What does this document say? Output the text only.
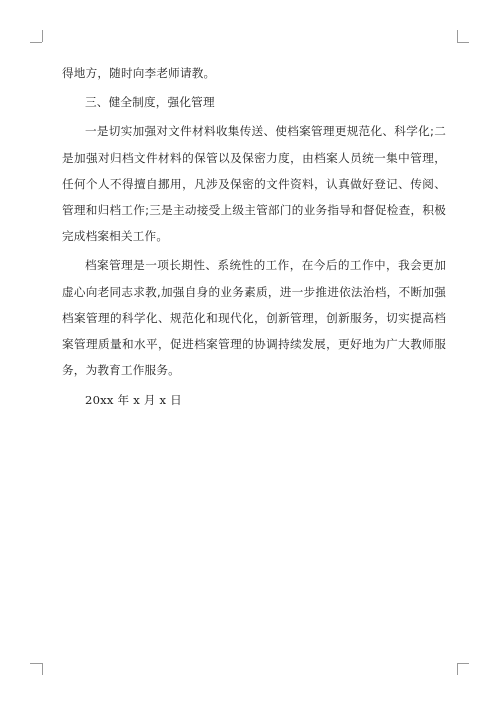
得地方，随时向李老师请教。

三、健全制度，强化管理

一是切实加强对文件材料收集传送、使档案管理更规范化、科学化;二是加强对归档文件材料的保管以及保密力度，由档案人员统一集中管理，任何个人不得擅自挪用，凡涉及保密的文件资料，认真做好登记、传阅、管理和归档工作;三是主动接受上级主管部门的业务指导和督促检查，积极完成档案相关工作。

档案管理是一项长期性、系统性的工作，在今后的工作中，我会更加虚心向老同志求教,加强自身的业务素质，进一步推进依法治档，不断加强档案管理的科学化、规范化和现代化，创新管理，创新服务，切实提高档案管理质量和水平，促进档案管理的协调持续发展，更好地为广大教师服务，为教育工作服务。

20xx 年 x 月 x 日
